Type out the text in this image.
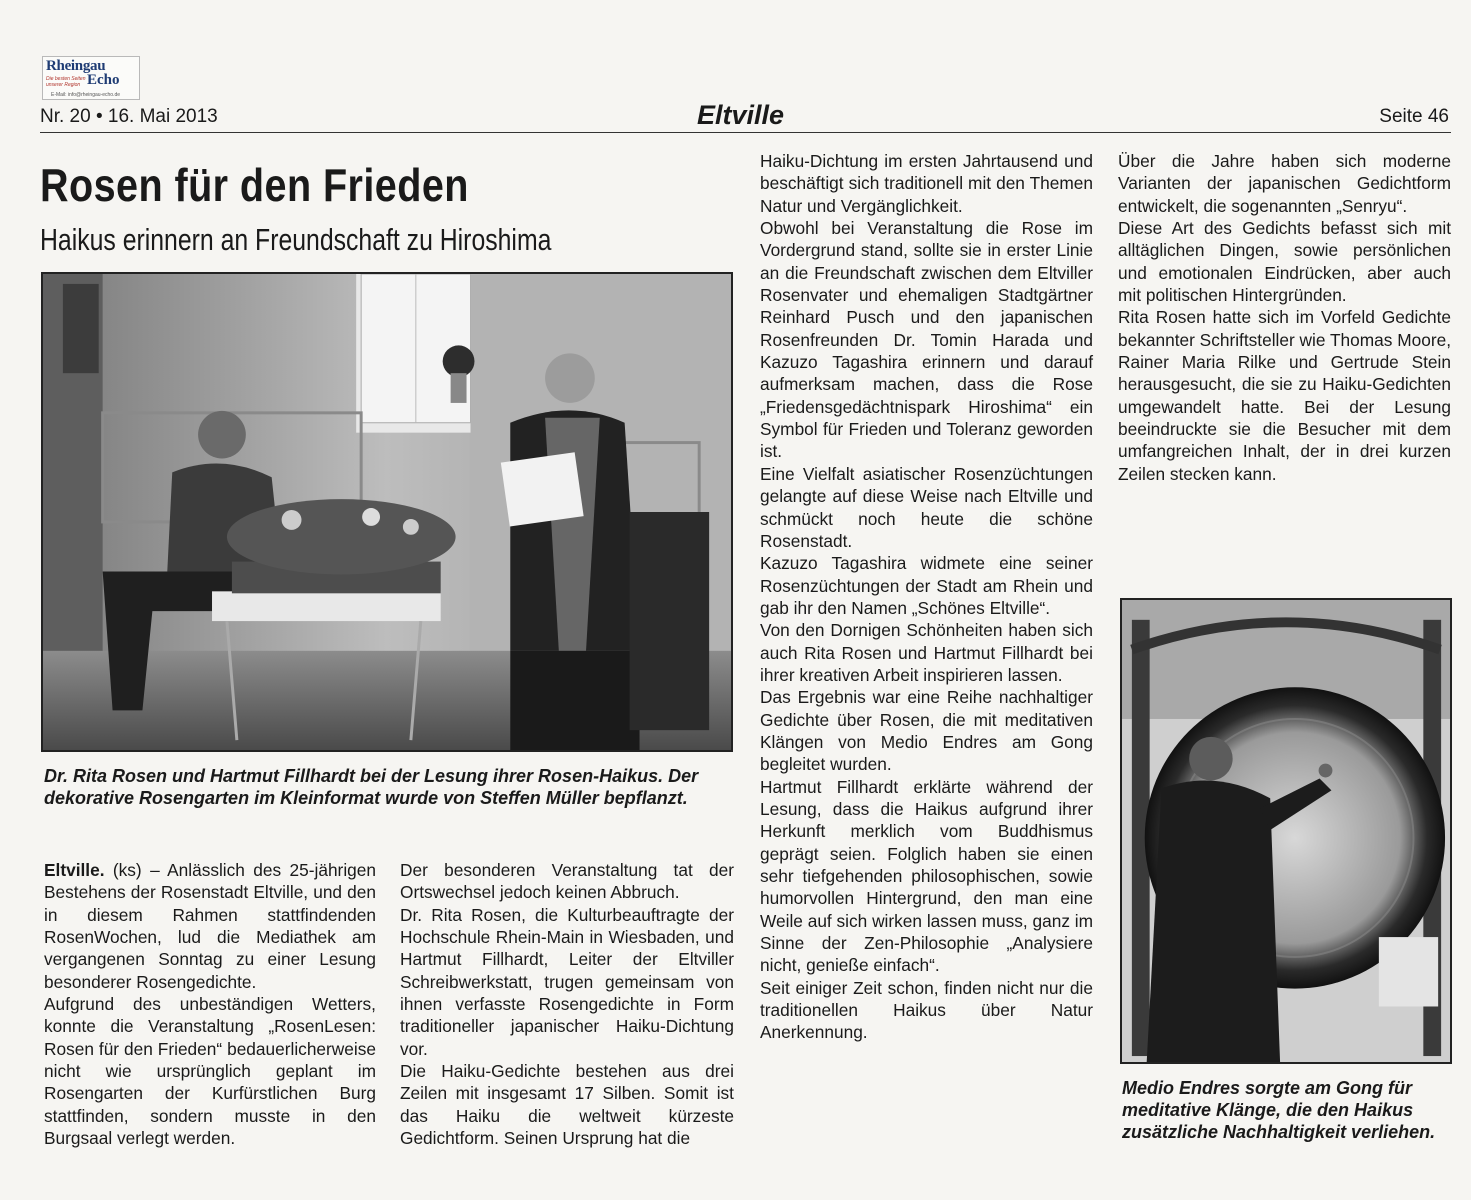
Rheingau
Echo
Die besten Seiten unserer Region
E-Mail: info@rheingau-echo.de
Nr. 20 • 16. Mai 2013	Eltville	Seite 46
Rosen für den Frieden
Haikus erinnern an Freundschaft zu Hiroshima
Dr. Rita Rosen und Hartmut Fillhardt bei der Lesung ihrer Rosen-Haikus. Der dekorative Rosengarten im Kleinformat wurde von Steffen Müller bepflanzt.

Eltville. (ks) – Anlässlich des 25-jährigen Bestehens der Rosenstadt Eltville, und den in diesem Rahmen stattfindenden RosenWochen, lud die Mediathek am vergangenen Sonntag zu einer Lesung besonderer Rosengedichte.

Aufgrund des unbeständigen Wetters, konnte die Veranstaltung „RosenLesen: Rosen für den Frieden“ bedauerlicherweise nicht wie ursprünglich geplant im Rosengarten der Kurfürstlichen Burg stattfinden, sondern musste in den Burgsaal verlegt werden.

Der besonderen Veranstaltung tat der Ortswechsel jedoch keinen Abbruch.

Dr. Rita Rosen, die Kulturbeauftragte der Hochschule Rhein-Main in Wiesbaden, und Hartmut Fillhardt, Leiter der Eltviller Schreibwerkstatt, trugen gemeinsam von ihnen verfasste Rosengedichte in Form traditioneller japanischer Haiku-Dichtung vor.

Die Haiku-Gedichte bestehen aus drei Zeilen mit insgesamt 17 Silben. Somit ist das Haiku die weltweit kürzeste Gedichtform. Seinen Ursprung hat die

Haiku-Dichtung im ersten Jahrtausend und beschäftigt sich traditionell mit den Themen Natur und Vergänglichkeit.

Obwohl bei Veranstaltung die Rose im Vordergrund stand, sollte sie in erster Linie an die Freundschaft zwischen dem Eltviller Rosenvater und ehemaligen Stadtgärtner Reinhard Pusch und den japanischen Rosenfreunden Dr. Tomin Harada und Kazuzo Tagashira erinnern und darauf aufmerksam machen, dass die Rose „Friedensgedächtnispark Hiroshima“ ein Symbol für Frieden und Toleranz geworden ist.

Eine Vielfalt asiatischer Rosenzüchtungen gelangte auf diese Weise nach Eltville und schmückt noch heute die schöne Rosenstadt.

Kazuzo Tagashira widmete eine seiner Rosenzüchtungen der Stadt am Rhein und gab ihr den Namen „Schönes Eltville“.

Von den Dornigen Schönheiten haben sich auch Rita Rosen und Hartmut Fillhardt bei ihrer kreativen Arbeit inspirieren lassen.

Das Ergebnis war eine Reihe nachhaltiger Gedichte über Rosen, die mit meditativen Klängen von Medio Endres am Gong begleitet wurden.

Hartmut Fillhardt erklärte während der Lesung, dass die Haikus aufgrund ihrer Herkunft merklich vom Buddhismus geprägt seien. Folglich haben sie einen sehr tiefgehenden philosophischen, sowie humorvollen Hintergrund, den man eine Weile auf sich wirken lassen muss, ganz im Sinne der Zen-Philosophie „Analysiere nicht, genieße einfach“.

Seit einiger Zeit schon, finden nicht nur die traditionellen Haikus über Natur Anerkennung.

Über die Jahre haben sich moderne Varianten der japanischen Gedichtform entwickelt, die sogenannten „Senryu“.

Diese Art des Gedichts befasst sich mit alltäglichen Dingen, sowie persönlichen und emotionalen Eindrücken, aber auch mit politischen Hintergründen.

Rita Rosen hatte sich im Vorfeld Gedichte bekannter Schriftsteller wie Thomas Moore, Rainer Maria Rilke und Gertrude Stein herausgesucht, die sie zu Haiku-Gedichten umgewandelt hatte. Bei der Lesung beeindruckte sie die Besucher mit dem umfangreichen Inhalt, der in drei kurzen Zeilen stecken kann.

Medio Endres sorgte am Gong für meditative Klänge, die den Haikus zusätzliche Nachhaltigkeit verliehen.
